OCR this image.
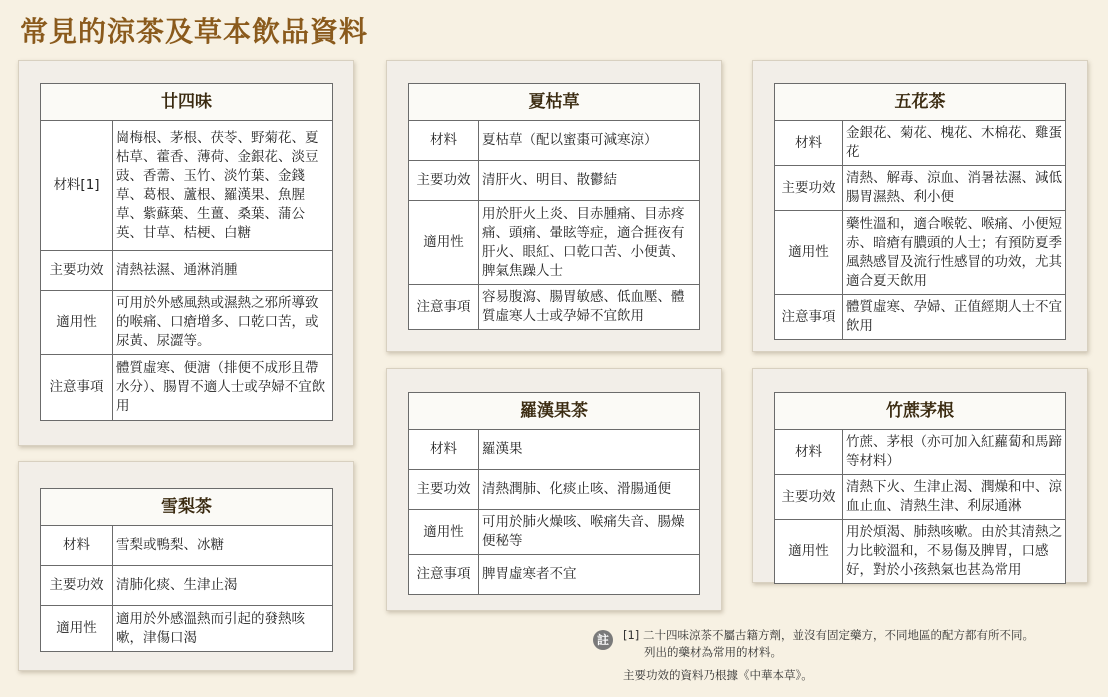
常見的涼茶及草本飲品資料
廿四味	
材料[1]	崗梅根、茅根、茯苓、野菊花、夏枯草、藿香、薄荷、金銀花、淡豆豉、香薷、玉竹、淡竹葉、金錢草、葛根、蘆根、羅漢果、魚腥草、紫蘇葉、生薑、桑葉、蒲公英、甘草、桔梗、白糖
主要功效	清熱祛濕、通淋消腫
適用性	可用於外感風熱或濕熱之邪所導致的喉痛、口瘡增多、口乾口苦，或尿黃、尿澀等。
注意事項	體質虛寒、便溏（排便不成形且帶水分）、腸胃不適人士或孕婦不宜飲用
雪梨茶	
材料	雪梨或鴨梨、冰糖
主要功效	清肺化痰、生津止渴
適用性	適用於外感溫熱而引起的發熱咳嗽，津傷口渴
夏枯草	
材料	夏枯草（配以蜜棗可減寒涼）
主要功效	清肝火、明目、散鬱結
適用性	用於肝火上炎、目赤腫痛、目赤疼痛、頭痛、暈眩等症，適合捱夜有肝火、眼紅、口乾口苦、小便黃、脾氣焦躁人士
注意事項	容易腹瀉、腸胃敏感、低血壓、體質虛寒人士或孕婦不宜飲用
羅漢果茶	
材料	羅漢果
主要功效	清熱潤肺、化痰止咳、滑腸通便
適用性	可用於肺火燥咳、喉痛失音、腸燥便秘等
注意事項	脾胃虛寒者不宜
五花茶	
材料	金銀花、菊花、槐花、木棉花、雞蛋花
主要功效	清熱、解毒、涼血、消暑祛濕、減低腸胃濕熱、利小便
適用性	藥性溫和，適合喉乾、喉痛、小便短赤、暗瘡有膿頭的人士；有預防夏季風熱感冒及流行性感冒的功效，尤其適合夏天飲用
注意事項	體質虛寒、孕婦、正值經期人士不宜飲用
竹蔗茅根	
材料	竹蔗、茅根（亦可加入紅蘿蔔和馬蹄等材料）
主要功效	清熱下火、生津止渴、潤燥和中、涼血止血、清熱生津、利尿通淋
適用性	用於煩渴、肺熱咳嗽。由於其清熱之力比較溫和，不易傷及脾胃，口感好，對於小孩熱氣也甚為常用
註	[1] 二十四味涼茶不屬古籍方劑，並沒有固定藥方，不同地區的配方都有所不同。
列出的藥材為常用的材料。
主要功效的資料乃根據《中華本草》。
